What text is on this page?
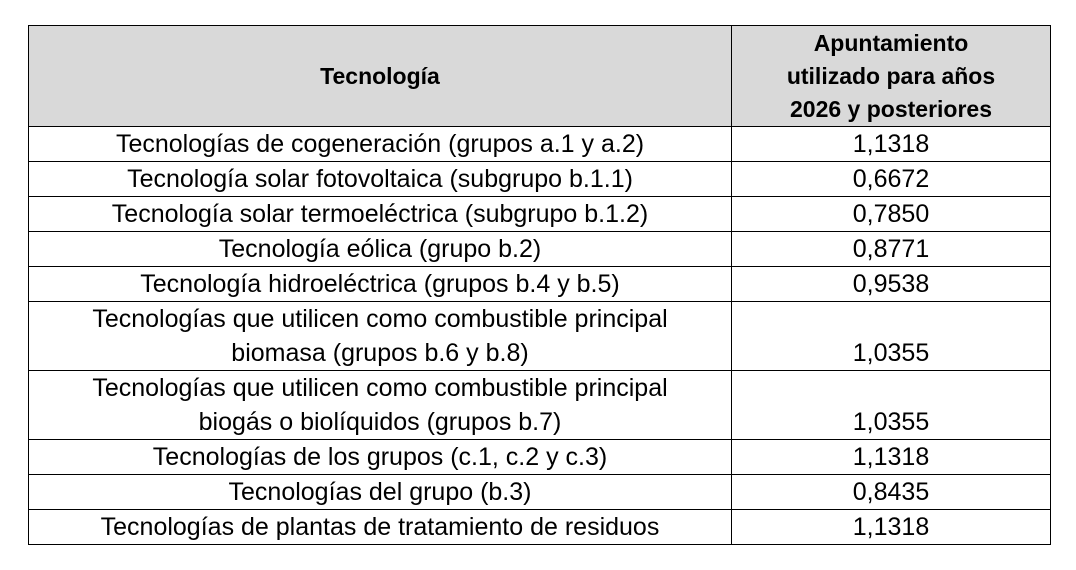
Tecnología	Apuntamiento
utilizado para años
2026 y posteriores

Tecnologías de cogeneración (grupos a.1 y a.2)	1,1318
Tecnología solar fotovoltaica (subgrupo b.1.1)	0,6672
Tecnología solar termoeléctrica (subgrupo b.1.2)	0,7850
Tecnología eólica (grupo b.2)	0,8771
Tecnología hidroeléctrica (grupos b.4 y b.5)	0,9538

Tecnologías que utilicen como combustible principal
biomasa (grupos b.6 y b.8)	1,0355

Tecnologías que utilicen como combustible principal
biogás o biolíquidos (grupos b.7)	1,0355
Tecnologías de los grupos (c.1, c.2 y c.3)	1,1318
Tecnologías del grupo (b.3)	0,8435
Tecnologías de plantas de tratamiento de residuos	1,1318
